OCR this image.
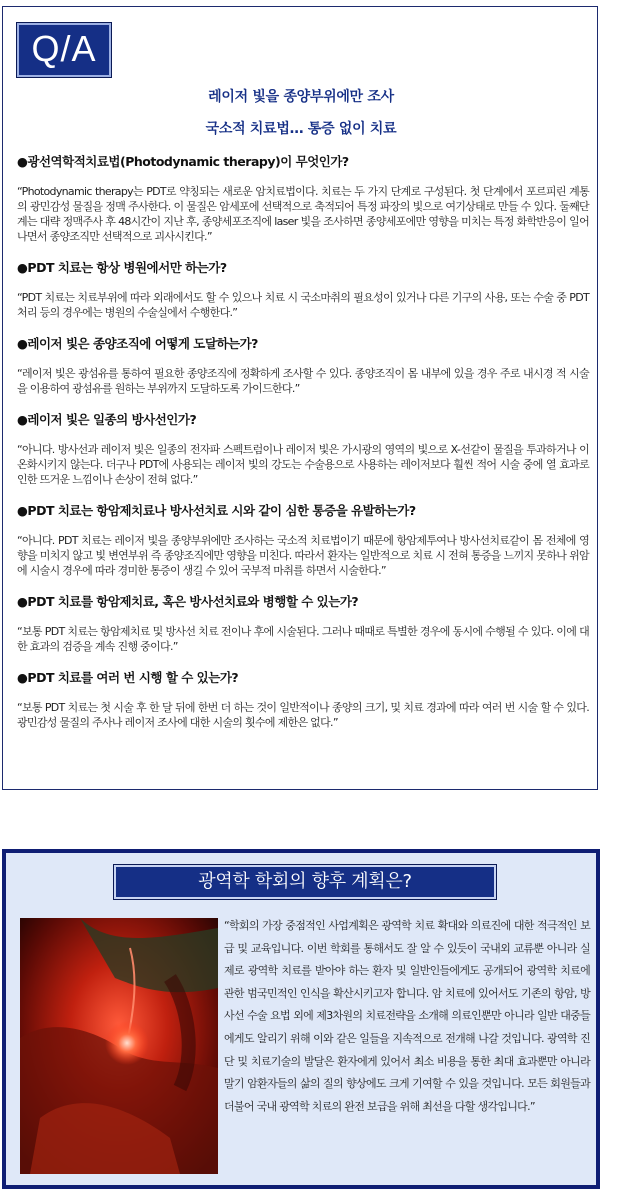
Q/A
레이저 빛을 종양부위에만 조사
국소적 치료법… 통증 없이 치료

●광선역학적치료법(Photodynamic therapy)이 무엇인가?

“Photodynamic therapy는 PDT로 약칭되는 새로운 암치료법이다. 치료는 두 가지 단계로 구성된다. 첫 단계에서 포르피린 계통의 광민감성 물질을 정맥 주사한다. 이 물질은 암세포에 선택적으로 축적되어 특정 파장의 빛으로 여기상태로 만들 수 있다. 둘째단계는 대략 정맥주사 후 48시간이 지난 후, 종양세포조직에 laser 빛을 조사하면 종양세포에만 영향을 미치는 특정 화학반응이 일어나면서 종양조직만 선택적으로 괴사시킨다.”

●PDT 치료는 항상 병원에서만 하는가?

“PDT 치료는 치료부위에 따라 외래에서도 할 수 있으나 치료 시 국소마취의 필요성이 있거나 다른 기구의 사용, 또는 수술 중 PDT 처리 등의 경우에는 병원의 수술실에서 수행한다.”

●레이저 빛은 종양조직에 어떻게 도달하는가?

“레이저 빛은 광섬유를 통하여 필요한 종양조직에 정확하게 조사할 수 있다. 종양조직이 몸 내부에 있을 경우 주로 내시경 적 시술을 이용하여 광섬유를 원하는 부위까지 도달하도록 가이드한다.”

●레이저 빛은 일종의 방사선인가?

“아니다. 방사선과 레이저 빛은 일종의 전자파 스펙트럼이나 레이저 빛은 가시광의 영역의 빛으로 X-선같이 물질을 투과하거나 이온화시키지 않는다. 더구나 PDT에 사용되는 레이저 빛의 강도는 수술용으로 사용하는 레이저보다 훨씬 적어 시술 중에 열 효과로 인한 뜨거운 느낌이나 손상이 전혀 없다.”

●PDT 치료는 항암제치료나 방사선치료 시와 같이 심한 통증을 유발하는가?

“아니다. PDT 치료는 레이저 빛을 종양부위에만 조사하는 국소적 치료법이기 때문에 항암제투여나 방사선치료같이 몸 전체에 영향을 미치지 않고 빛 변연부위 즉 종양조직에만 영향을 미친다. 따라서 환자는 일반적으로 치료 시 전혀 통증을 느끼지 못하나 위암에 시술시 경우에 따라 경미한 통증이 생길 수 있어 국부적 마취를 하면서 시술한다.”

●PDT 치료를 항암제치료, 혹은 방사선치료와 병행할 수 있는가?

“보통 PDT 치료는 항암제치료 및 방사선 치료 전이나 후에 시술된다. 그러나 때때로 특별한 경우에 동시에 수행될 수 있다. 이에 대한 효과의 검증을 계속 진행 중이다.”

●PDT 치료를 여러 번 시행 할 수 있는가?

“보통 PDT 치료는 첫 시술 후 한 달 뒤에 한번 더 하는 것이 일반적이나 종양의 크기, 및 치료 경과에 따라 여러 번 시술 할 수 있다. 광민감성 물질의 주사나 레이저 조사에 대한 시술의 횟수에 제한은 없다.”

광역학 학회의 향후 계획은?

“학회의 가장 중점적인 사업계획은 광역학 치료 확대와 의료진에 대한 적극적인 보급 및 교육입니다. 이번 학회를 통해서도 잘 알 수 있듯이 국내외 교류뿐 아니라 실제로 광역학 치료를 받아야 하는 환자 및 일반인들에게도 공개되어 광역학 치료에 관한 범국민적인 인식을 확산시키고자 합니다. 암 치료에 있어서도 기존의 항암, 방사선 수술 요법 외에 제3차원의 치료전략을 소개해 의료인뿐만 아니라 일반 대중들에게도 알리기 위해 이와 같은 일들을 지속적으로 전개해 나갈 것입니다. 광역학 진단 및 치료기술의 발달은 환자에게 있어서 최소 비용을 통한 최대 효과뿐만 아니라 말기 암환자들의 삶의 질의 향상에도 크게 기여할 수 있을 것입니다. 모든 회원들과 더불어 국내 광역학 치료의 완전 보급을 위해 최선을 다할 생각입니다.”
